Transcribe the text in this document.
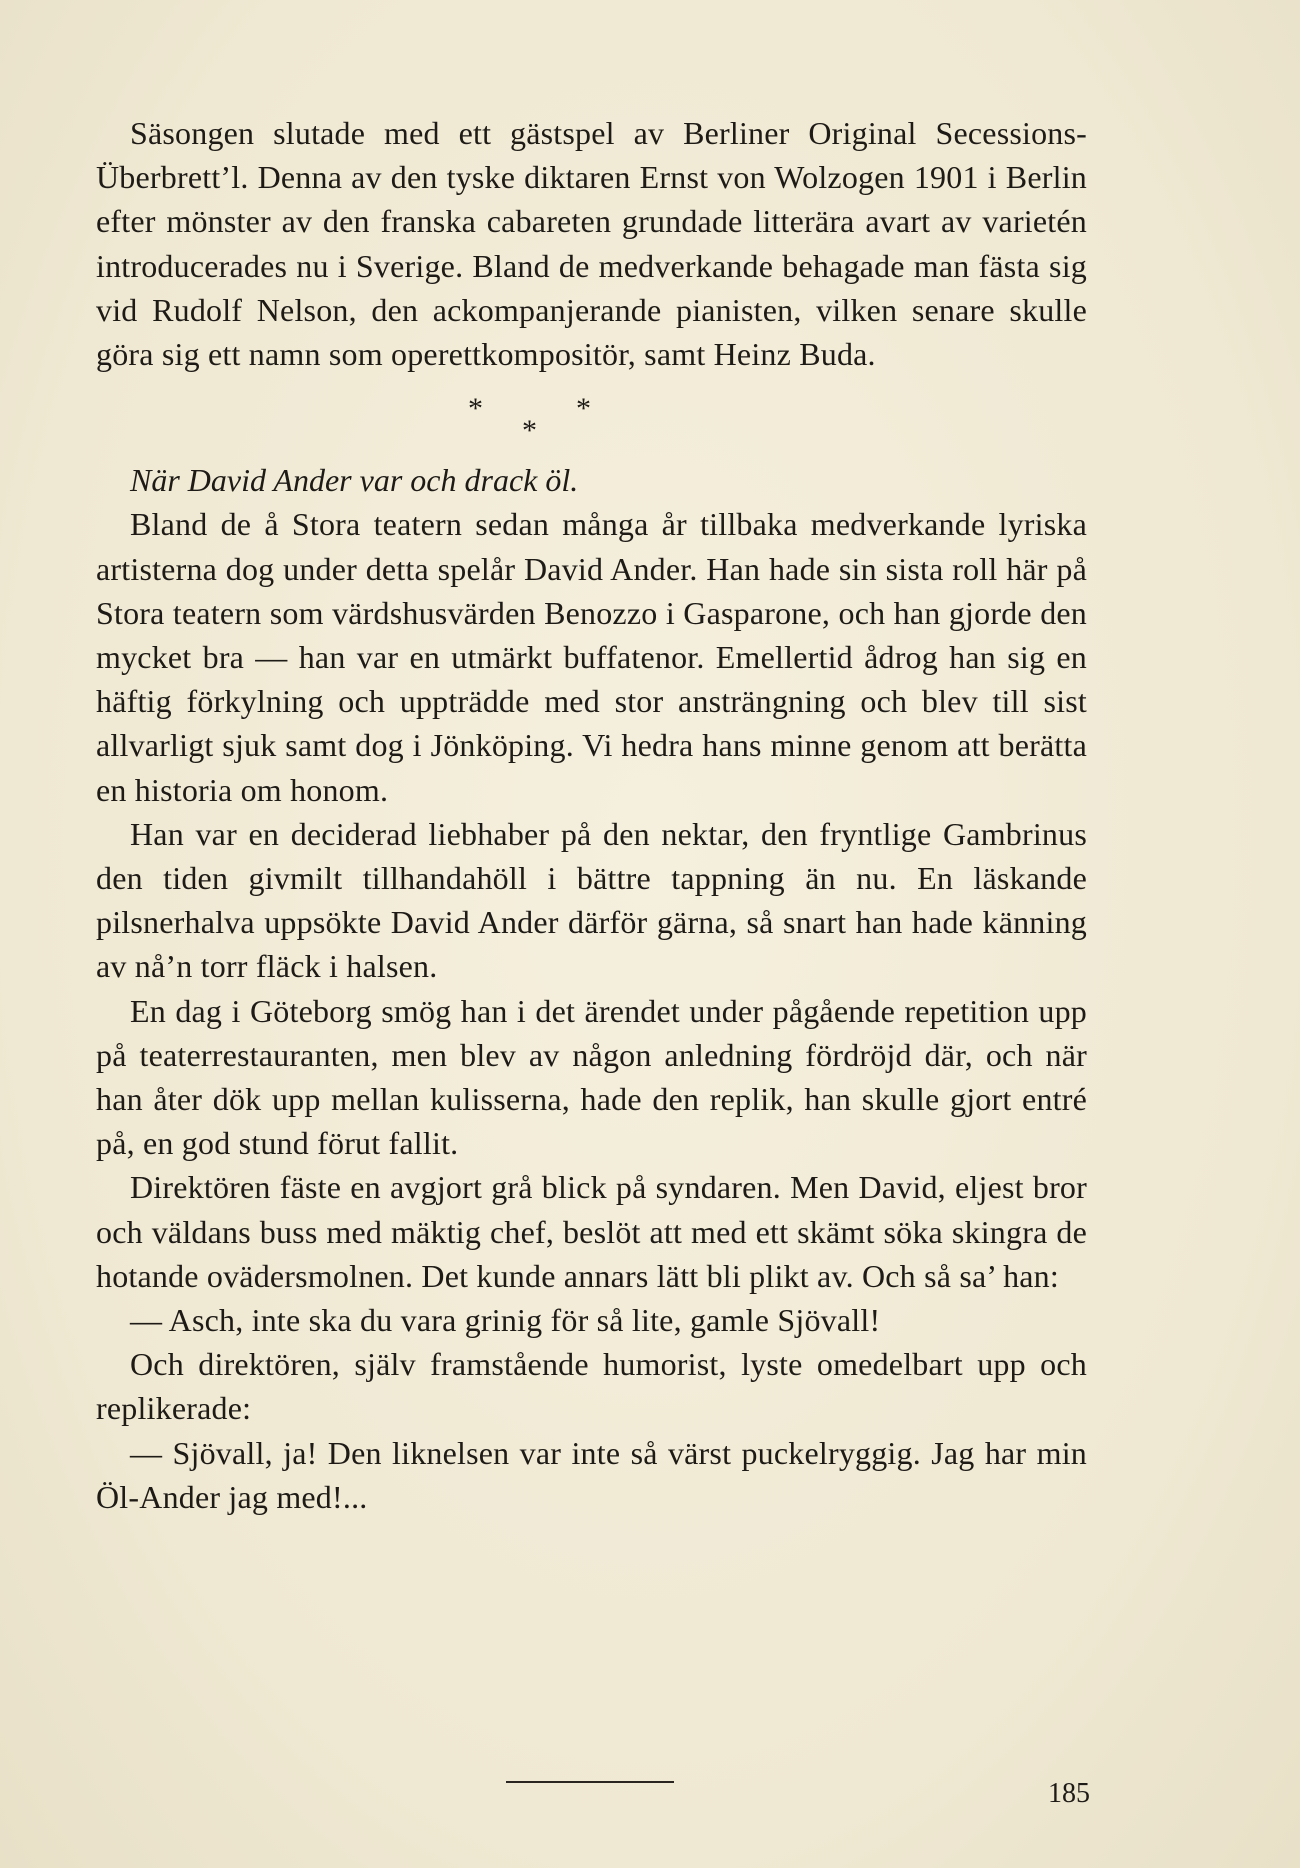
Säsongen slutade med ett gästspel av Berliner Original Secessions-Überbrett’l. Denna av den tyske diktaren Ernst von Wolzogen 1901 i Berlin efter mönster av den franska cabareten grundade litterära avart av varietén introducerades nu i Sverige. Bland de medverkande behagade man fästa sig vid Rudolf Nelson, den ackompanjerande pianisten, vilken senare skulle göra sig ett namn som operettkompositör, samt Heinz Buda.

*	*
*

När David Ander var och drack öl.

Bland de å Stora teatern sedan många år tillbaka medverkande lyriska artisterna dog under detta spelår David Ander. Han hade sin sista roll här på Stora teatern som värdshusvärden Benozzo i Gasparone, och han gjorde den mycket bra — han var en utmärkt buffatenor. Emellertid ådrog han sig en häftig förkylning och uppträdde med stor ansträngning och blev till sist allvarligt sjuk samt dog i Jönköping. Vi hedra hans minne genom att berätta en historia om honom.

Han var en deciderad liebhaber på den nektar, den fryntlige Gambrinus den tiden givmilt tillhandahöll i bättre tappning än nu. En läskande pilsnerhalva uppsökte David Ander därför gärna, så snart han hade känning av nå’n torr fläck i halsen.

En dag i Göteborg smög han i det ärendet under pågående repetition upp på teaterrestauranten, men blev av någon anledning fördröjd där, och när han åter dök upp mellan kulisserna, hade den replik, han skulle gjort entré på, en god stund förut fallit.

Direktören fäste en avgjort grå blick på syndaren. Men David, eljest bror och väldans buss med mäktig chef, beslöt att med ett skämt söka skingra de hotande ovädersmolnen. Det kunde annars lätt bli plikt av. Och så sa’ han:

— Asch, inte ska du vara grinig för så lite, gamle Sjövall!

Och direktören, själv framstående humorist, lyste omedelbart upp och replikerade:

— Sjövall, ja! Den liknelsen var inte så värst puckelryggig. Jag har min Öl-Ander jag med!...

185
